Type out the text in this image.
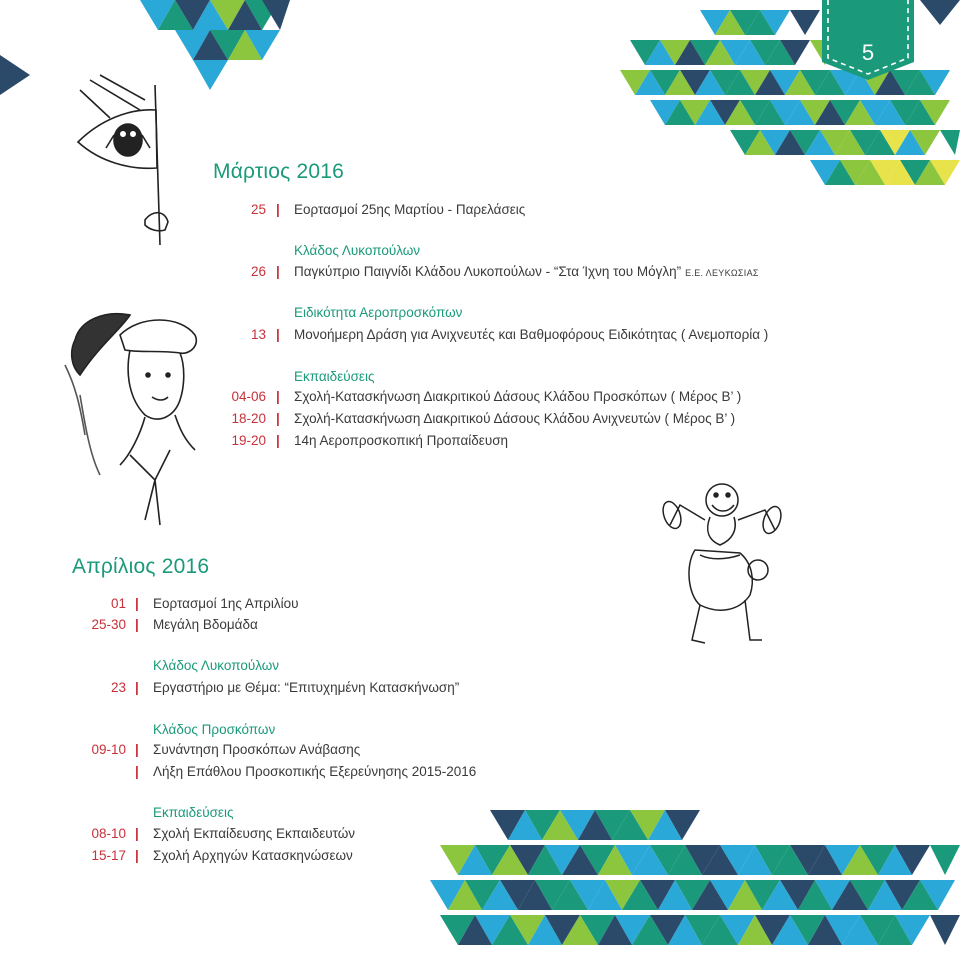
5
Μάρτιος 2016
25 | Εορτασμοί 25ης Μαρτίου - Παρελάσεις
Κλάδος Λυκοπούλων
26 | Παγκύπριο Παιγνίδι Κλάδου Λυκοπούλων - “Στα Ίχνη του Μόγλη” Ε.Ε. ΛΕΥΚΩΣΙΑΣ
Ειδικότητα Αεροπροσκόπων
13 | Μονοήμερη Δράση για Ανιχνευτές και Βαθμοφόρους Ειδικότητας ( Ανεμοπορία )
Εκπαιδεύσεις
04-06 | Σχολή-Κατασκήνωση Διακριτικού Δάσους Κλάδου Προσκόπων ( Μέρος Β’ )
18-20 | Σχολή-Κατασκήνωση Διακριτικού Δάσους Κλάδου Ανιχνευτών ( Μέρος Β’ )
19-20 | 14η Αεροπροσκοπική Προπαίδευση
Απρίλιος 2016
01 | Εορτασμοί 1ης Απριλίου
25-30 | Μεγάλη Βδομάδα
Κλάδος Λυκοπούλων
23 | Εργαστήριο με Θέμα: “Επιτυχημένη Κατασκήνωση”
Κλάδος Προσκόπων
09-10 | Συνάντηση Προσκόπων Ανάβασης
| Λήξη Επάθλου Προσκοπικής Εξερεύνησης 2015-2016
Εκπαιδεύσεις
08-10 | Σχολή Εκπαίδευσης Εκπαιδευτών
15-17 | Σχολή Αρχηγών Κατασκηνώσεων
